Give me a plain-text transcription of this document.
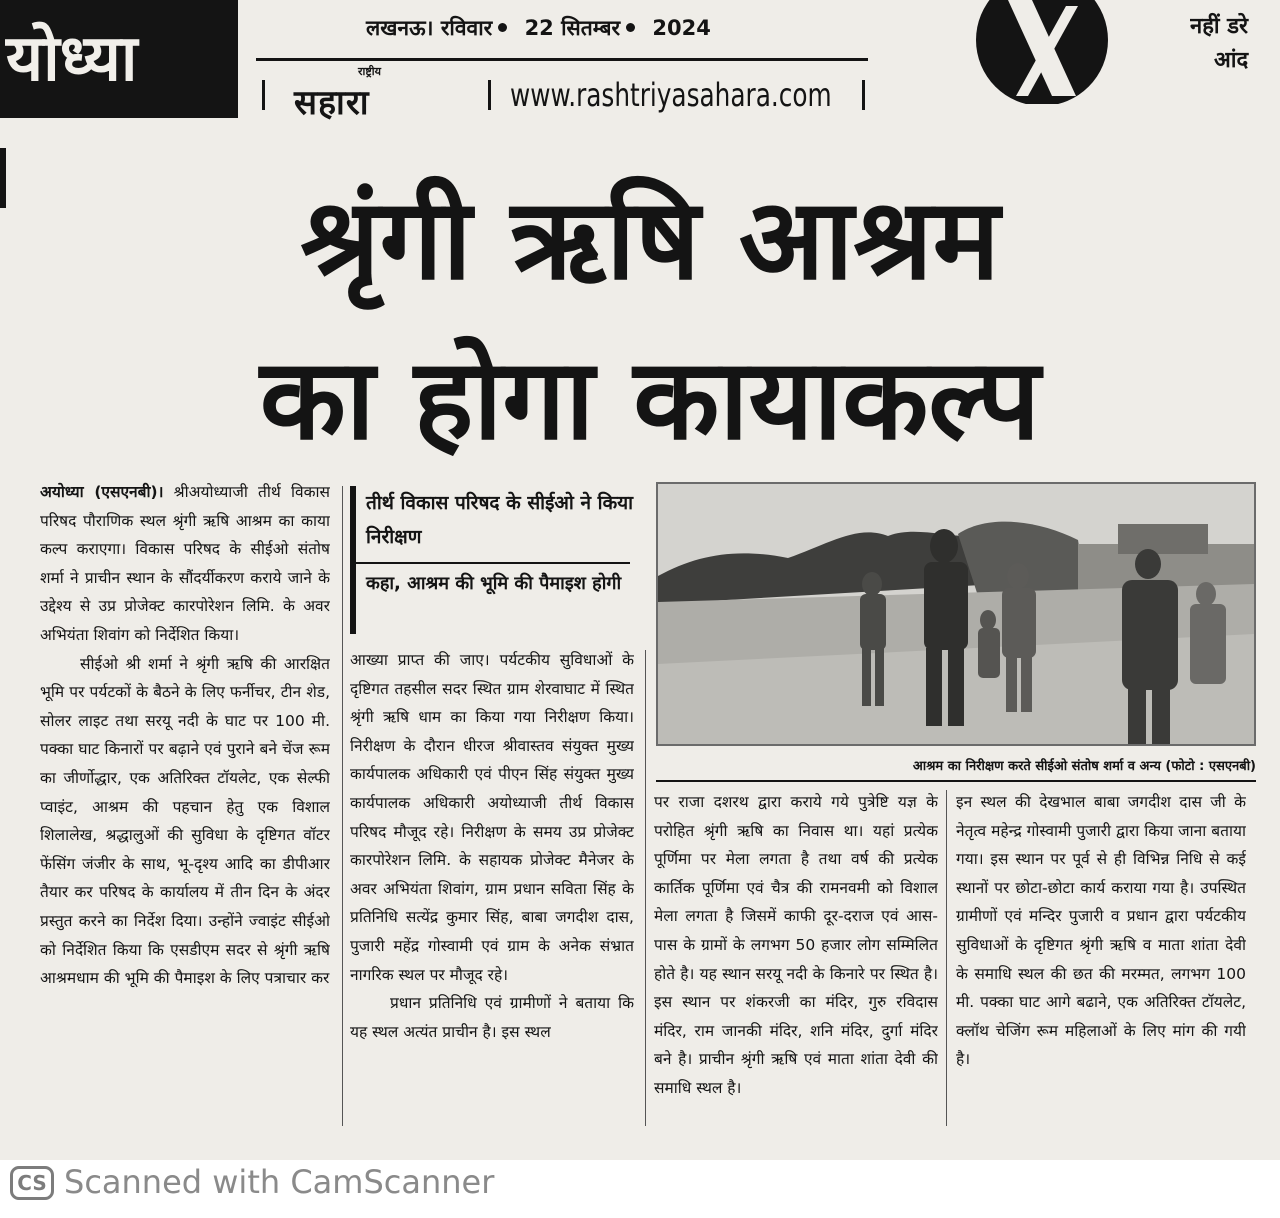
योध्या	लखनऊ। रविवार 22 सितम्बर 2024
राष्ट्रीय
सहारा	www.rashtriyasahara.com
नहीं डरे
आंद
श्रृंगी ऋषि आश्रम
का होगा कायाकल्प

अयोध्या (एसएनबी)। श्रीअयोध्याजी तीर्थ विकास परिषद पौराणिक स्थल श्रृंगी ऋषि आश्रम का काया कल्प कराएगा। विकास परिषद के सीईओ संतोष शर्मा ने प्राचीन स्थान के सौंदर्यीकरण कराये जाने के उद्देश्य से उप्र प्रोजेक्ट कारपोरेशन लिमि. के अवर अभियंता शिवांग को निर्देशित किया।

सीईओ श्री शर्मा ने श्रृंगी ऋषि की आरक्षित भूमि पर पर्यटकों के बैठने के लिए फर्नीचर, टीन शेड, सोलर लाइट तथा सरयू नदी के घाट पर 100 मी. पक्का घाट किनारों पर बढ़ाने एवं पुराने बने चेंज रूम का जीर्णोद्धार, एक अतिरिक्त टॉयलेट, एक सेल्फी प्वाइंट, आश्रम की पहचान हेतु एक विशाल शिलालेख, श्रद्धालुओं की सुविधा के दृष्टिगत वॉटर फेंसिंग जंजीर के साथ, भू-दृश्य आदि का डीपीआर तैयार कर परिषद के कार्यालय में तीन दिन के अंदर प्रस्तुत करने का निर्देश दिया। उन्होंने ज्वाइंट सीईओ को निर्देशित किया कि एसडीएम सदर से श्रृंगी ऋषि आश्रमधाम की भूमि की पैमाइश के लिए पत्राचार कर

तीर्थ विकास परिषद के सीईओ ने किया निरीक्षण
कहा, आश्रम की भूमि की पैमाइश होगी

आख्या प्राप्त की जाए। पर्यटकीय सुविधाओं के दृष्टिगत तहसील सदर स्थित ग्राम शेरवाघाट में स्थित श्रृंगी ऋषि धाम का किया गया निरीक्षण किया। निरीक्षण के दौरान धीरज श्रीवास्तव संयुक्त मुख्य कार्यपालक अधिकारी एवं पीएन सिंह संयुक्त मुख्य कार्यपालक अधिकारी अयोध्याजी तीर्थ विकास परिषद मौजूद रहे। निरीक्षण के समय उप्र प्रोजेक्ट कारपोरेशन लिमि. के सहायक प्रोजेक्ट मैनेजर के अवर अभियंता शिवांग, ग्राम प्रधान सविता सिंह के प्रतिनिधि सत्येंद्र कुमार सिंह, बाबा जगदीश दास, पुजारी महेंद्र गोस्वामी एवं ग्राम के अनेक संभ्रात नागरिक स्थल पर मौजूद रहे।

प्रधान प्रतिनिधि एवं ग्रामीणों ने बताया कि यह स्थल अत्यंत प्राचीन है। इस स्थल

आश्रम का निरीक्षण करते सीईओ संतोष शर्मा व अन्य (फोटो : एसएनबी)

पर राजा दशरथ द्वारा कराये गये पुत्रेष्टि यज्ञ के परोहित श्रृंगी ऋषि का निवास था। यहां प्रत्येक पूर्णिमा पर मेला लगता है तथा वर्ष की प्रत्येक कार्तिक पूर्णिमा एवं चैत्र की रामनवमी को विशाल मेला लगता है जिसमें काफी दूर-दराज एवं आस-पास के ग्रामों के लगभग 50 हजार लोग सम्मिलित होते है। यह स्थान सरयू नदी के किनारे पर स्थित है। इस स्थान पर शंकरजी का मंदिर, गुरु रविदास मंदिर, राम जानकी मंदिर, शनि मंदिर, दुर्गा मंदिर बने है। प्राचीन श्रृंगी ऋषि एवं माता शांता देवी की समाधि स्थल है।

इन स्थल की देखभाल बाबा जगदीश दास जी के नेतृत्व महेन्द्र गोस्वामी पुजारी द्वारा किया जाना बताया गया। इस स्थान पर पूर्व से ही विभिन्न निधि से कई स्थानों पर छोटा-छोटा कार्य कराया गया है। उपस्थित ग्रामीणों एवं मन्दिर पुजारी व प्रधान द्वारा पर्यटकीय सुविधाओं के दृष्टिगत श्रृंगी ऋषि व माता शांता देवी के समाधि स्थल की छत की मरम्मत, लगभग 100 मी. पक्का घाट आगे बढाने, एक अतिरिक्त टॉयलेट, क्लॉथ चेजिंग रूम महिलाओं के लिए मांग की गयी है।

CS Scanned with CamScanner
